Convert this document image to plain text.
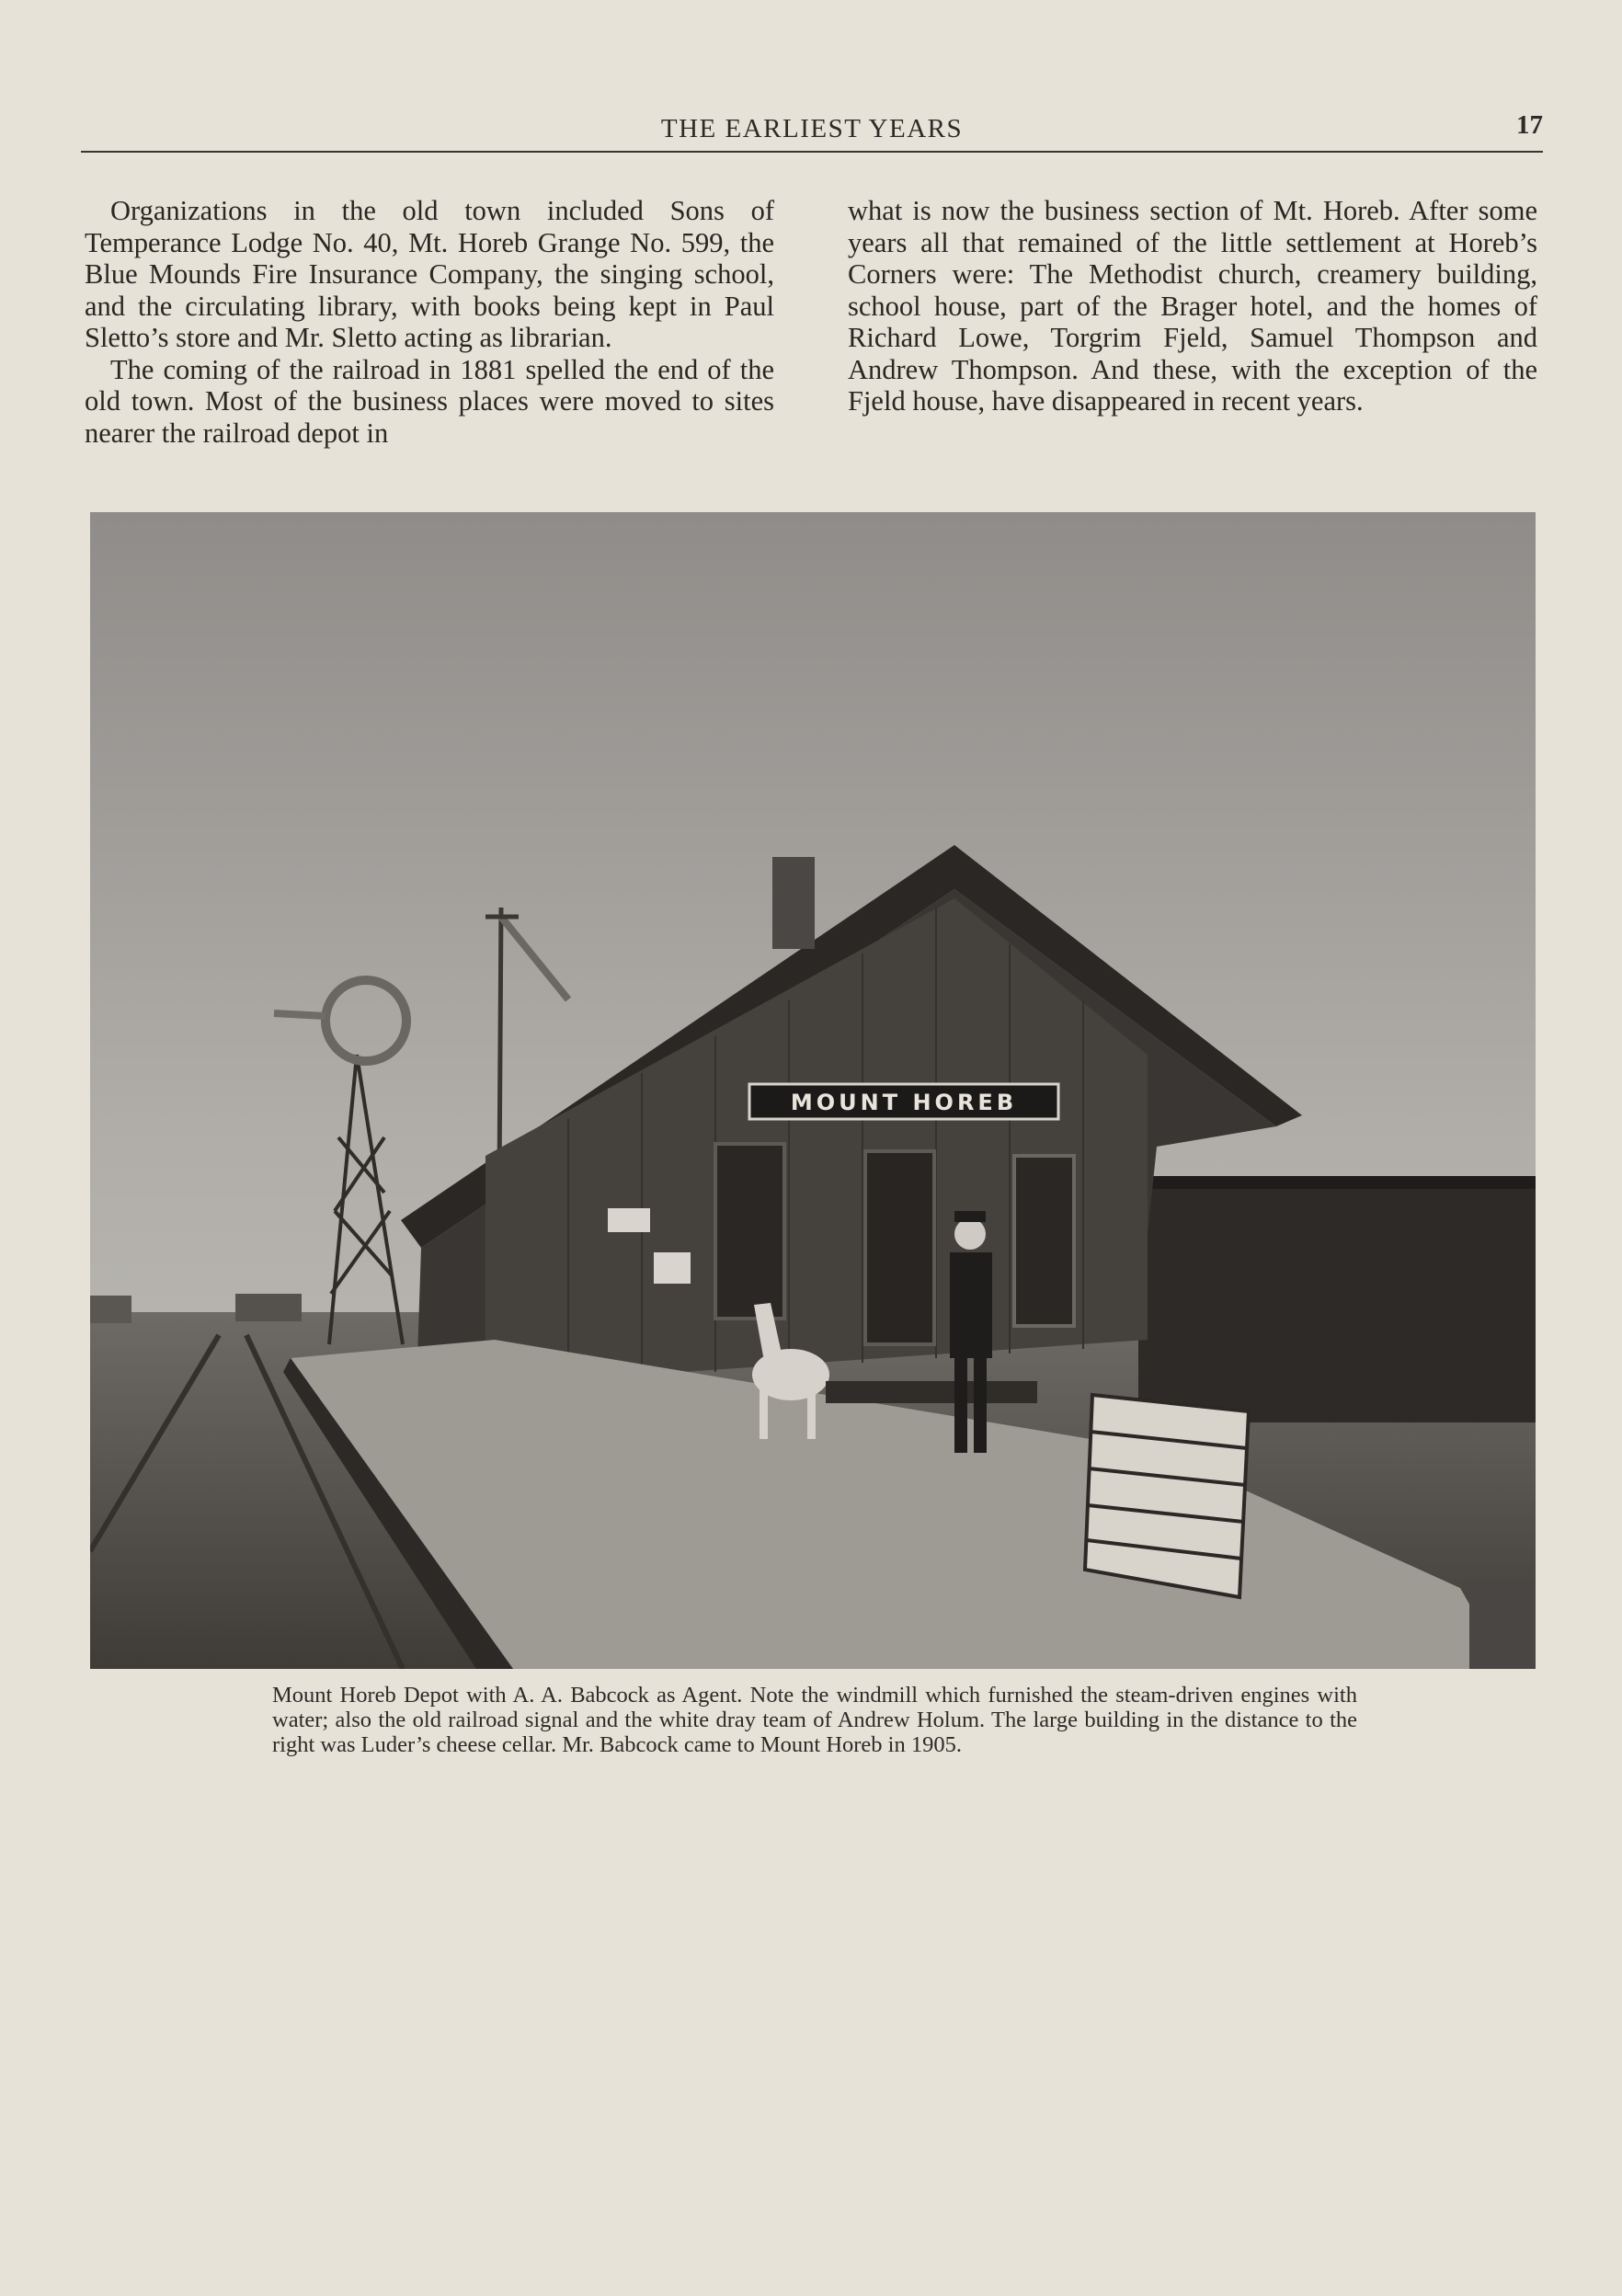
THE EARLIEST YEARS	17

Organizations in the old town included Sons of Temperance Lodge No. 40, Mt. Horeb Grange No. 599, the Blue Mounds Fire Insurance Company, the singing school, and the circulating library, with books being kept in Paul Sletto’s store and Mr. Sletto acting as librarian.

The coming of the railroad in 1881 spelled the end of the old town. Most of the business places were moved to sites nearer the railroad depot in

what is now the business section of Mt. Horeb. After some years all that remained of the little settlement at Horeb’s Corners were: The Methodist church, creamery building, school house, part of the Brager hotel, and the homes of Richard Lowe, Torgrim Fjeld, Samuel Thompson and Andrew Thompson. And these, with the exception of the Fjeld house, have disappeared in recent years.

MOUNT HOREB
Mount Horeb Depot with A. A. Babcock as Agent. Note the windmill which furnished the steam-driven engines with water; also the old railroad signal and the white dray team of Andrew Holum. The large building in the distance to the right was Luder’s cheese cellar. Mr. Babcock came to Mount Horeb in 1905.
